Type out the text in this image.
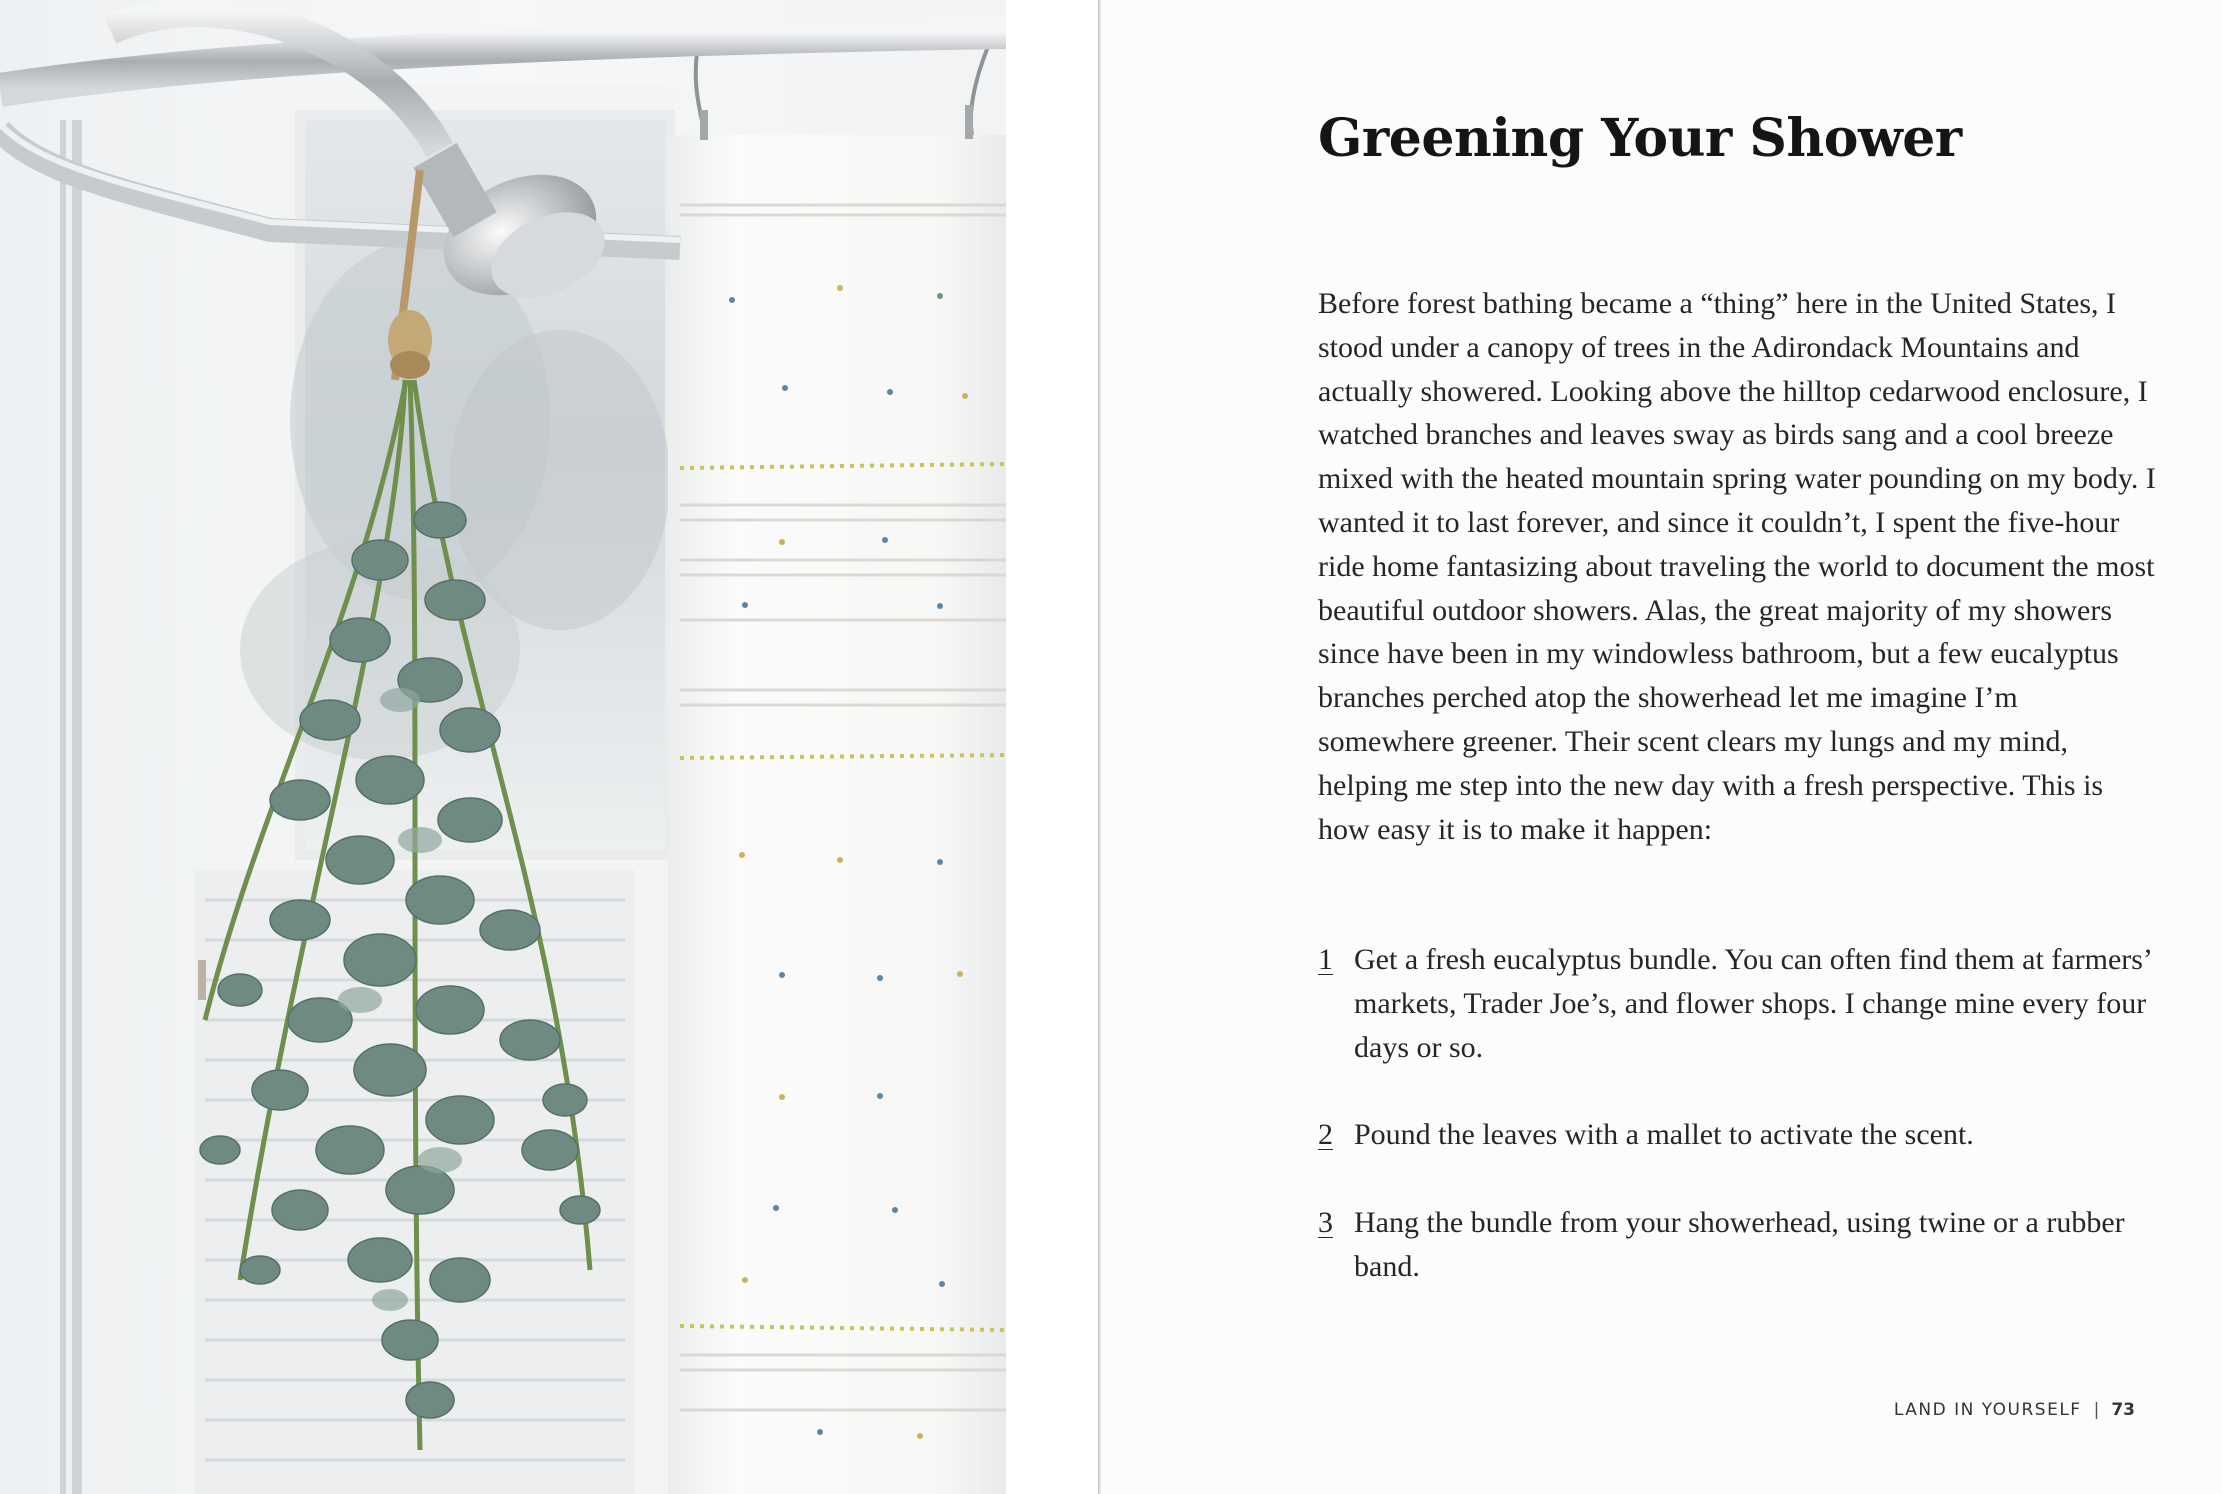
Greening Your Shower

Before forest bathing became a “thing” here in the United States, I stood under a canopy of trees in the Adirondack Mountains and actually showered. Looking above the hilltop cedarwood enclosure, I watched branches and leaves sway as birds sang and a cool breeze mixed with the heated mountain spring water pounding on my body. I wanted it to last forever, and since it couldn’t, I spent the five-hour ride home fantasizing about traveling the world to document the most beautiful outdoor showers. Alas, the great majority of my showers since have been in my windowless bathroom, but a few eucalyptus branches perched atop the showerhead let me imagine I’m somewhere greener. Their scent clears my lungs and my mind, helping me step into the new day with a fresh perspective. This is how easy it is to make it happen:

1 Get a fresh eucalyptus bundle. You can often find them at farmers’ markets, Trader Joe’s, and flower shops. I change mine every four days or so.
2 Pound the leaves with a mallet to activate the scent.
3 Hang the bundle from your showerhead, using twine or a rubber band.
LAND IN YOURSELF | 73
